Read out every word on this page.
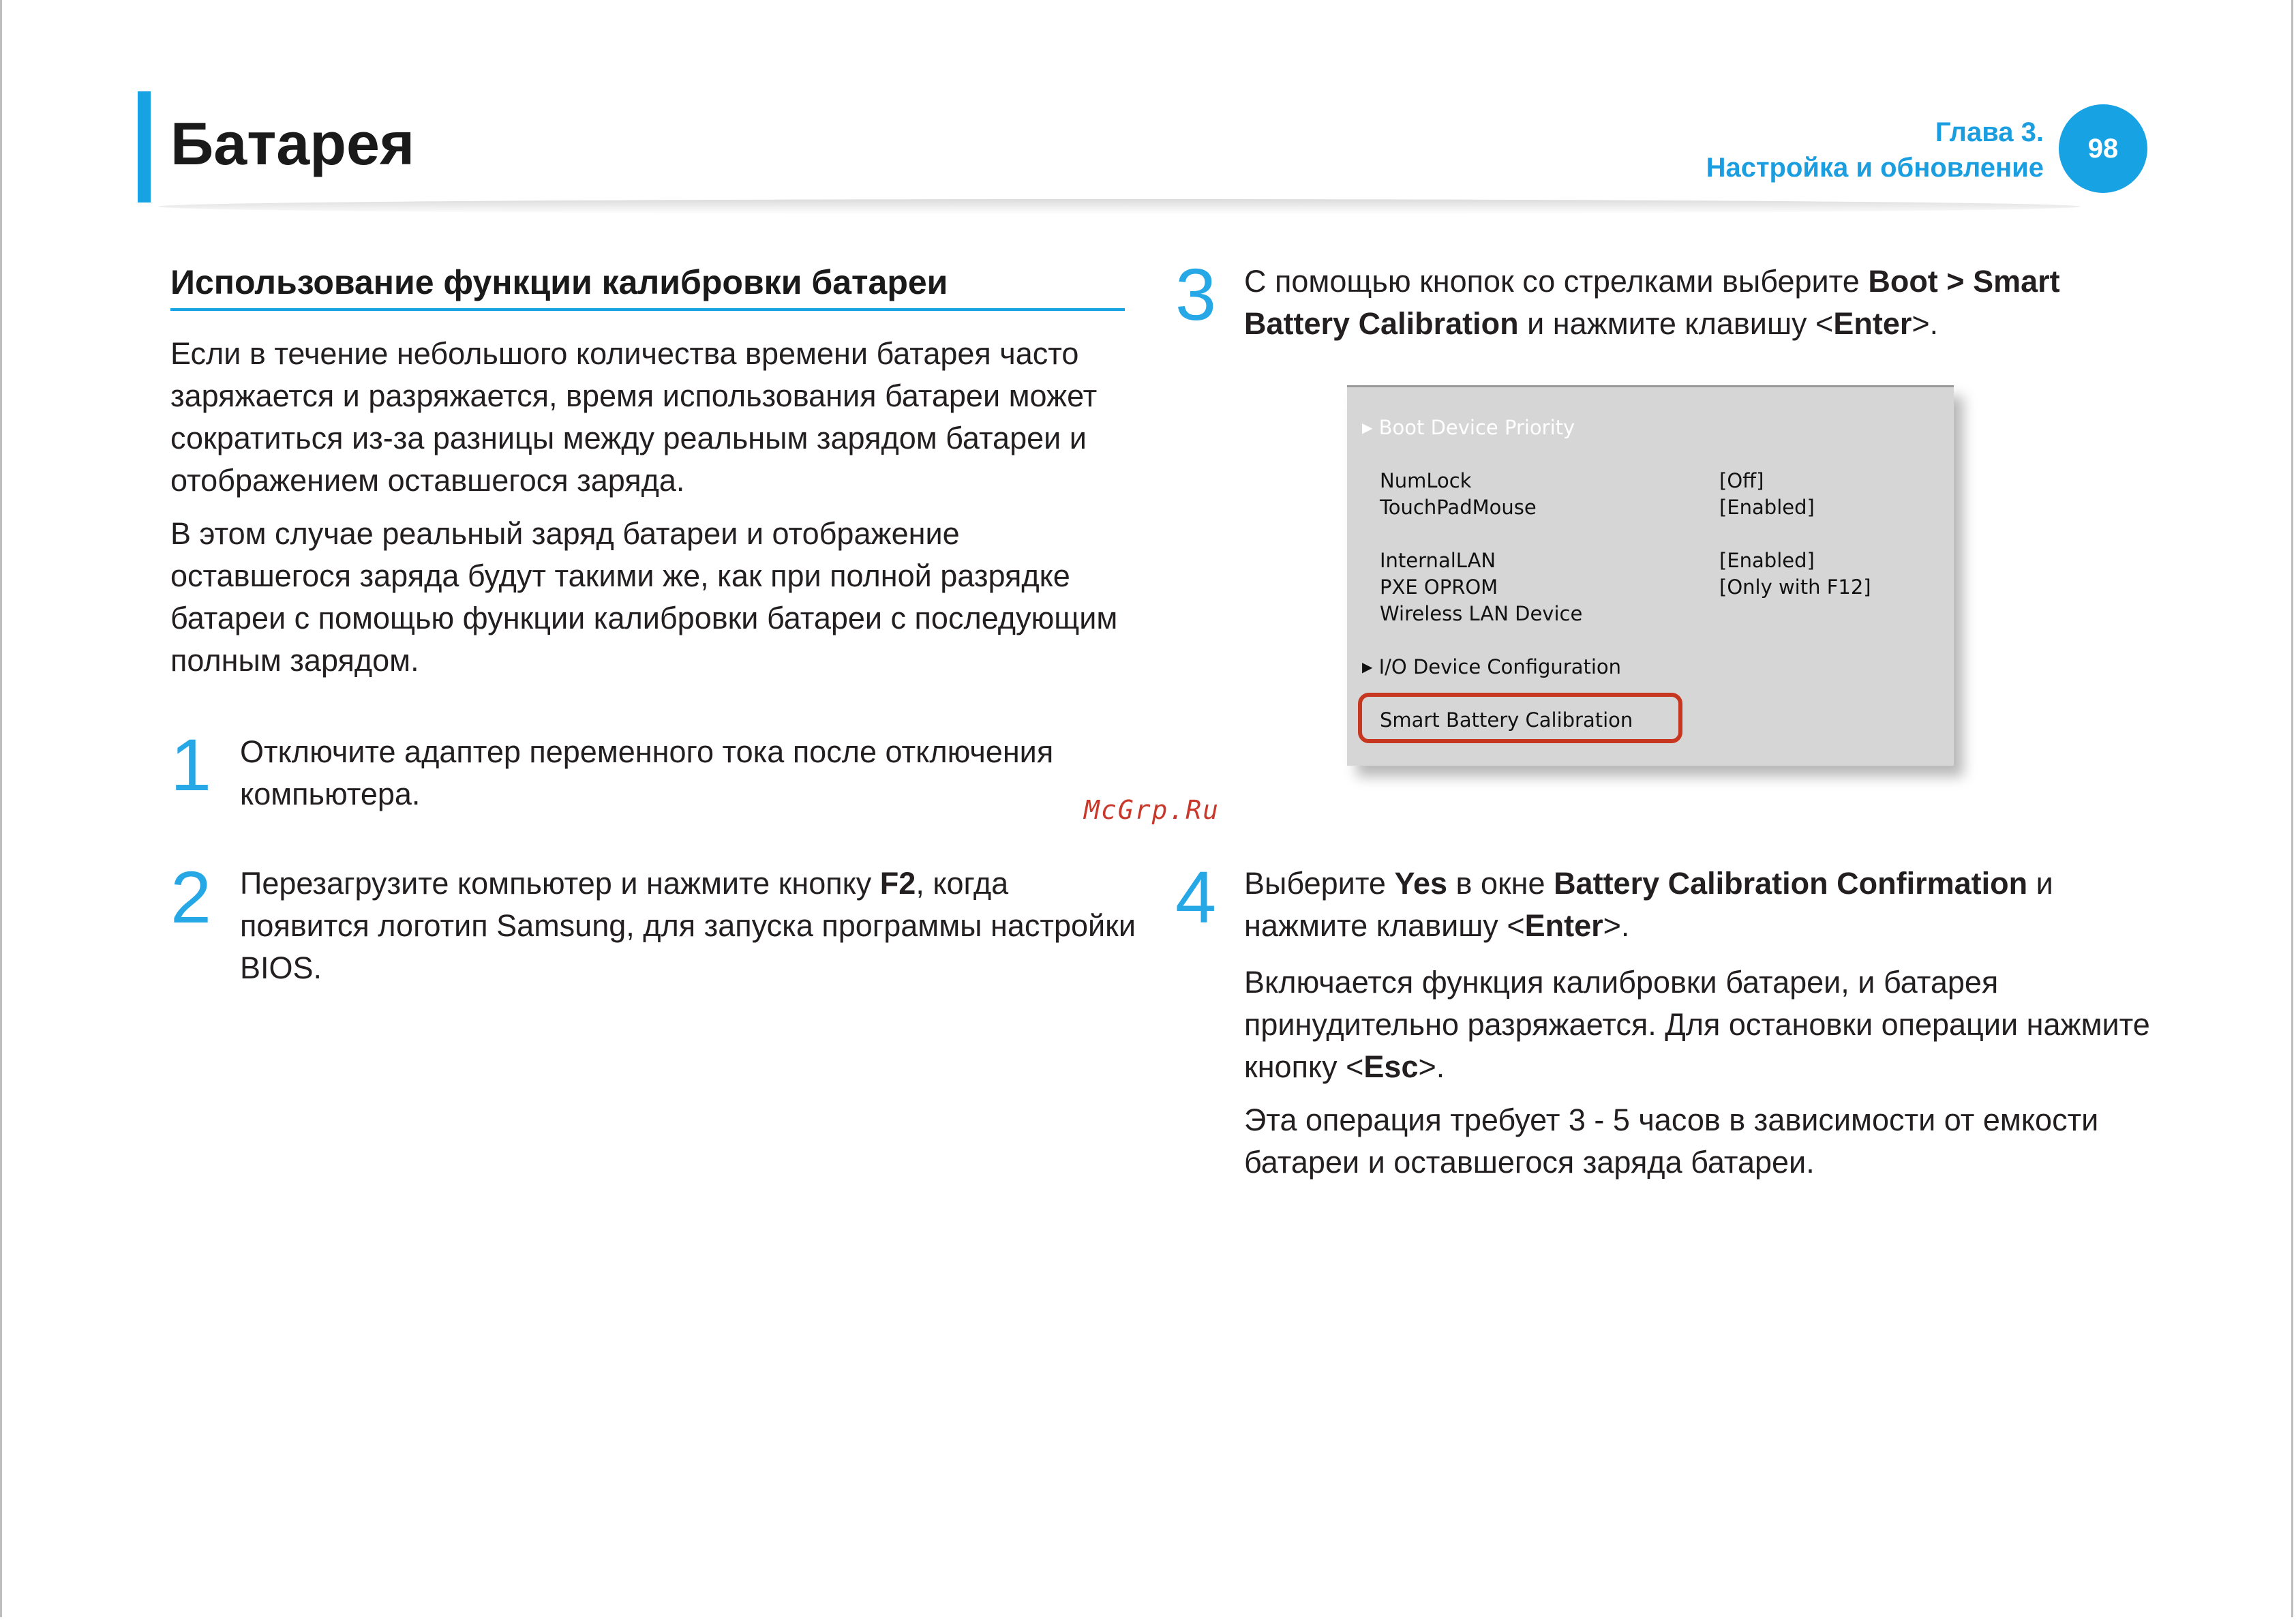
Батарея	Глава 3.
Настройка и обновление
98
Использование функции калибровки батареи
Если в течение небольшого количества времени батарея часто заряжается и разряжается, время использования батареи может сократиться из-за разницы между реальным зарядом батареи и отображением оставшегося заряда.
В этом случае реальный заряд батареи и отображение оставшегося заряда будут такими же, как при полной разрядке батареи с помощью функции калибровки батареи с последующим полным зарядом.
1 Отключите адаптер переменного тока после отключения компьютера.
2 Перезагрузите компьютер и нажмите кнопку F2, когда появится логотип Samsung, для запуска программы настройки BIOS.
McGrp.Ru
3 С помощью кнопок со стрелками выберите Boot > Smart Battery Calibration и нажмите клавишу <Enter>.
▶ Boot Device Priority
NumLock	[Off]
TouchPadMouse	[Enabled]
InternalLAN	[Enabled]
PXE OPROM	[Only with F12]
Wireless LAN Device
▶ I/O Device Configuration
Smart Battery Calibration
4 Выберите Yes в окне Battery Calibration Confirmation и нажмите клавишу <Enter>.
Включается функция калибровки батареи, и батарея принудительно разряжается. Для остановки операции нажмите кнопку <Esc>.
Эта операция требует 3 - 5 часов в зависимости от емкости батареи и оставшегося заряда батареи.
